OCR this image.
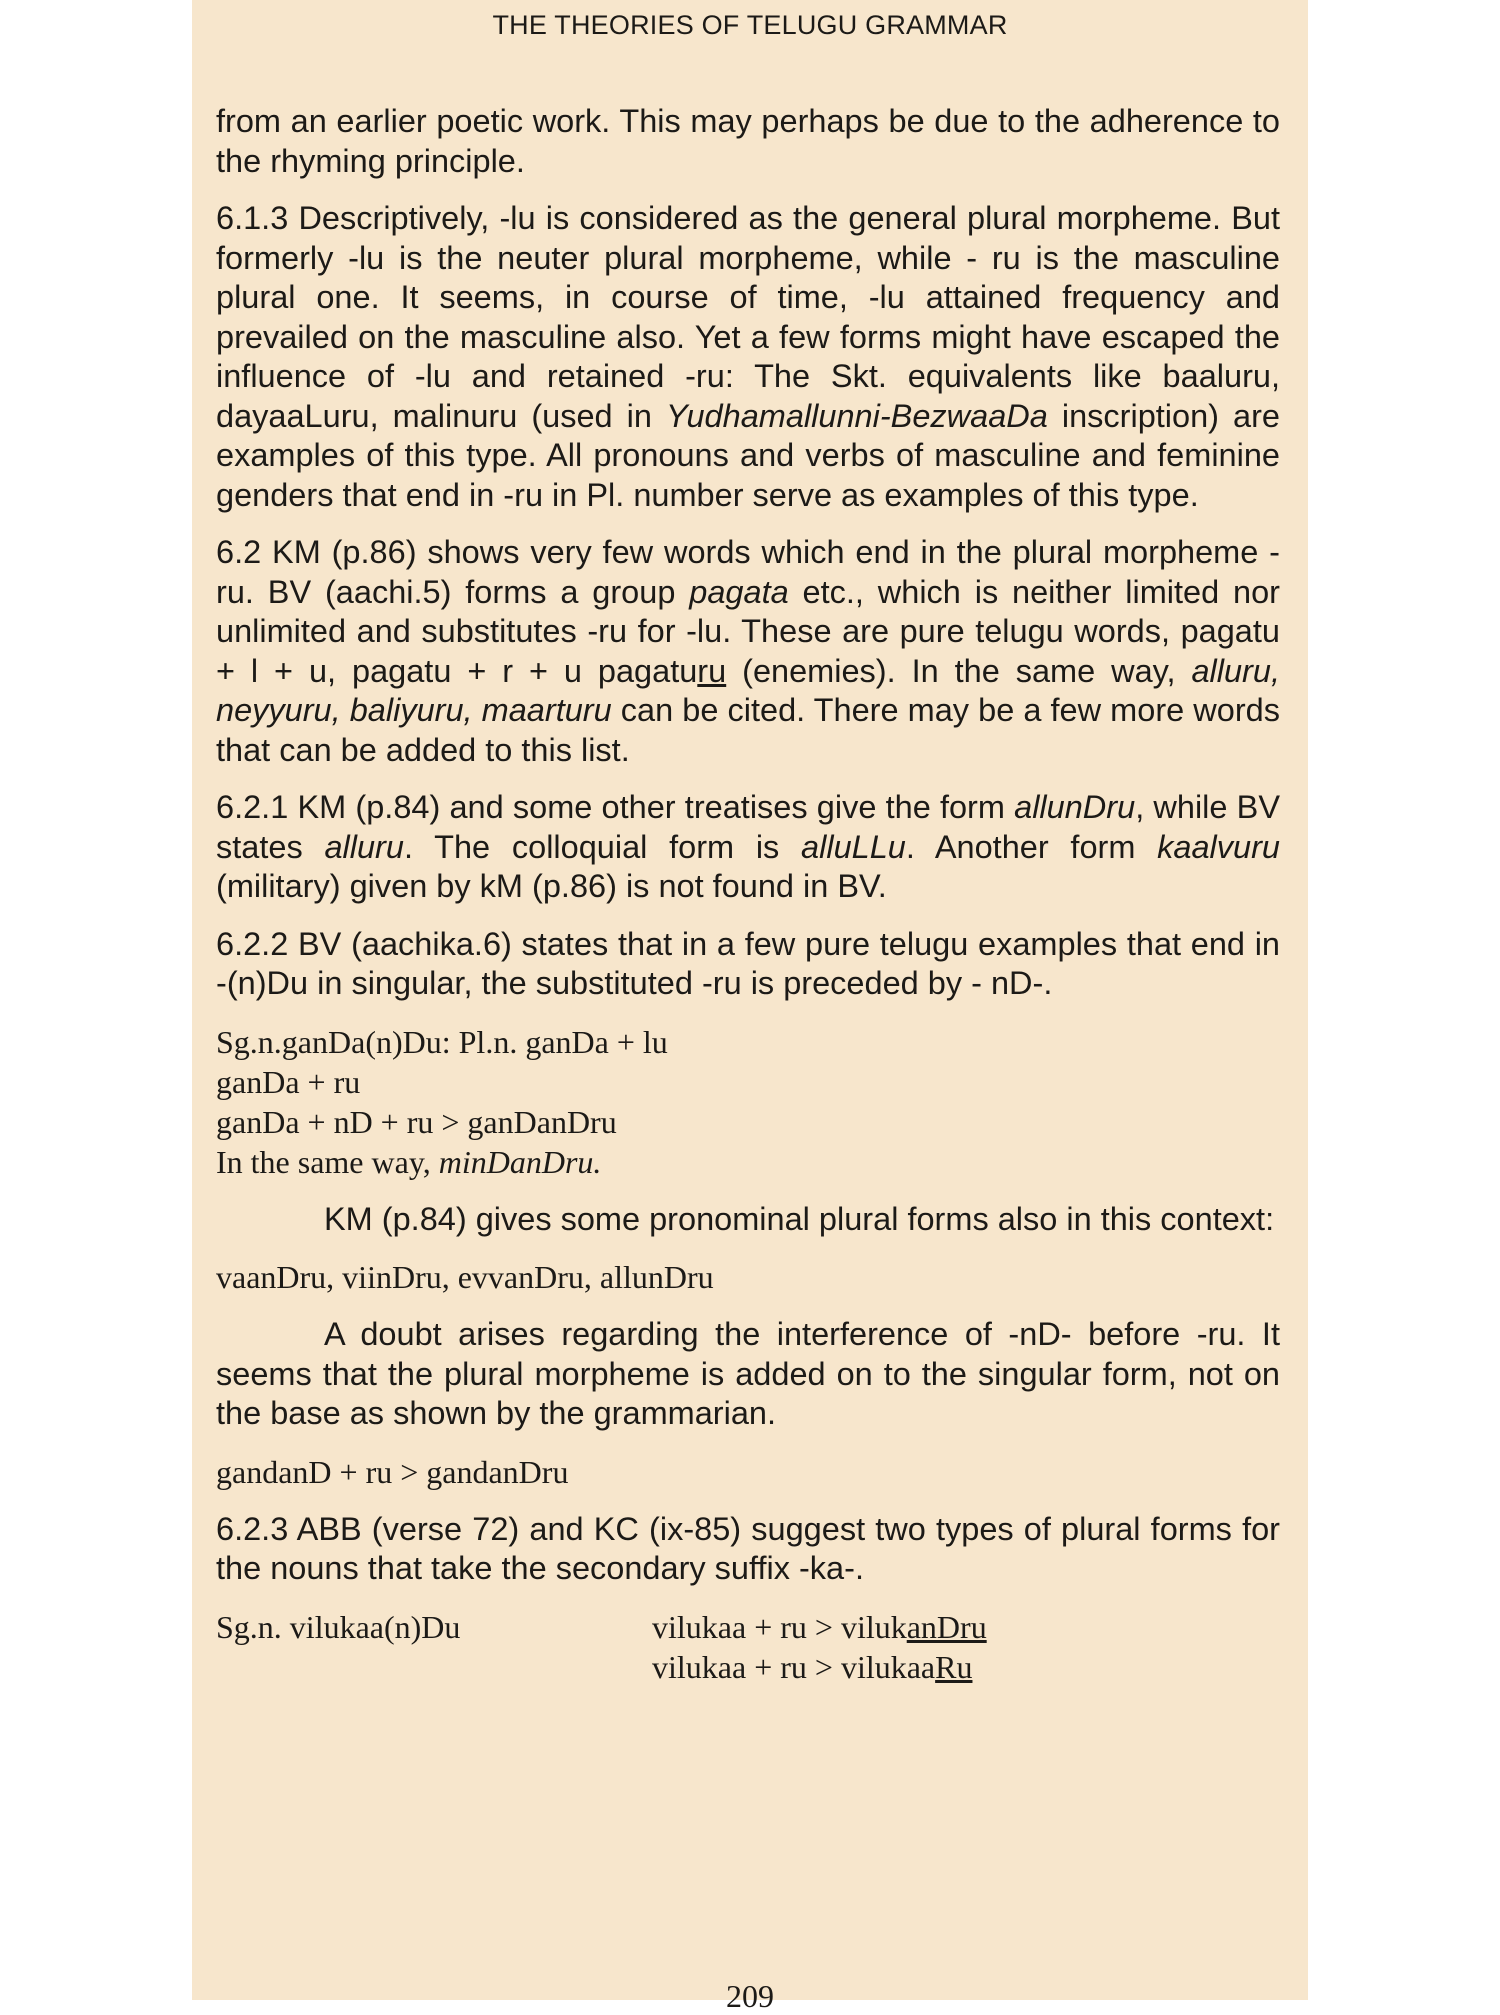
THE THEORIES OF TELUGU GRAMMAR

from an earlier poetic work. This may perhaps be due to the adherence to the rhyming principle.

6.1.3 Descriptively, -lu is considered as the general plural morpheme. But formerly -lu is the neuter plural morpheme, while - ru is the masculine plural one. It seems, in course of time, -lu attained frequency and prevailed on the masculine also. Yet a few forms might have escaped the influence of -lu and retained -ru: The Skt. equivalents like baaluru, dayaaLuru, malinuru (used in Yudhamallunni-BezwaaDa inscription) are examples of this type. All pronouns and verbs of masculine and feminine genders that end in -ru in Pl. number serve as examples of this type.

6.2 KM (p.86) shows very few words which end in the plural morpheme -ru. BV (aachi.5) forms a group pagata etc., which is neither limited nor unlimited and substitutes -ru for -lu. These are pure telugu words, pagatu + l + u, pagatu + r + u pagaturu (enemies). In the same way, alluru, neyyuru, baliyuru, maarturu can be cited. There may be a few more words that can be added to this list.

6.2.1 KM (p.84) and some other treatises give the form allunDru, while BV states alluru. The colloquial form is alluLLu. Another form kaalvuru (military) given by kM (p.86) is not found in BV.

6.2.2 BV (aachika.6) states that in a few pure telugu examples that end in -(n)Du in singular, the substituted -ru is preceded by - nD-.

Sg.n.ganDa(n)Du: Pl.n. ganDa + lu

ganDa + ru

ganDa + nD + ru > ganDanDru

In the same way, minDanDru.

KM (p.84) gives some pronominal plural forms also in this context:

vaanDru, viinDru, evvanDru, allunDru

A doubt arises regarding the interference of -nD- before -ru. It seems that the plural morpheme is added on to the singular form, not on the base as shown by the grammarian.

gandanD + ru > gandanDru

6.2.3 ABB (verse 72) and KC (ix-85) suggest two types of plural forms for the nouns that take the secondary suffix -ka-.

Sg.n. vilukaa(n)Du	vilukaa + ru > vilukanDru
vilukaa + ru > vilukaaRu
209
